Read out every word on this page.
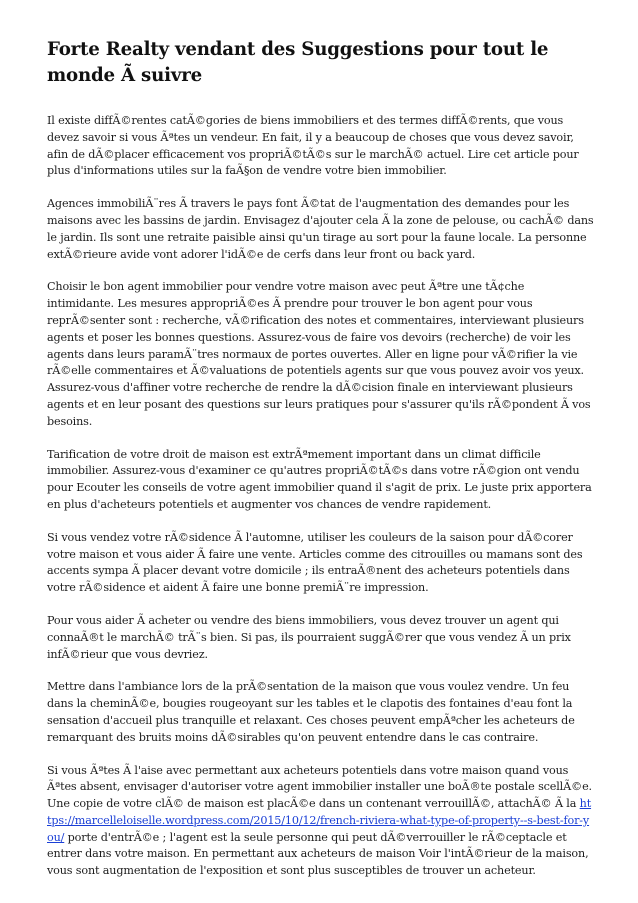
Forte Realty vendant des Suggestions pour tout le monde Ã suivre

Il existe diffÃ©rentes catÃ©gories de biens immobiliers et des termes diffÃ©rents, que vous devez savoir si vous Ãªtes un vendeur. En fait, il y a beaucoup de choses que vous devez savoir, afin de dÃ©placer efficacement vos propriÃ©tÃ©s sur le marchÃ© actuel. Lire cet article pour plus d'informations utiles sur la faÃ§on de vendre votre bien immobilier.

Agences immobiliÃ¨res Ã travers le pays font Ã©tat de l'augmentation des demandes pour les maisons avec les bassins de jardin. Envisagez d'ajouter cela Ã la zone de pelouse, ou cachÃ© dans le jardin. Ils sont une retraite paisible ainsi qu'un tirage au sort pour la faune locale. La personne extÃ©rieure avide vont adorer l'idÃ©e de cerfs dans leur front ou back yard.

Choisir le bon agent immobilier pour vendre votre maison avec peut Ãªtre une tÃ¢che intimidante. Les mesures appropriÃ©es Ã prendre pour trouver le bon agent pour vous reprÃ©senter sont : recherche, vÃ©rification des notes et commentaires, interviewant plusieurs agents et poser les bonnes questions. Assurez-vous de faire vos devoirs (recherche) de voir les agents dans leurs paramÃ¨tres normaux de portes ouvertes. Aller en ligne pour vÃ©rifier la vie rÃ©elle commentaires et Ã©valuations de potentiels agents sur que vous pouvez avoir vos yeux. Assurez-vous d'affiner votre recherche de rendre la dÃ©cision finale en interviewant plusieurs agents et en leur posant des questions sur leurs pratiques pour s'assurer qu'ils rÃ©pondent Ã vos besoins.

Tarification de votre droit de maison est extrÃªmement important dans un climat difficile immobilier. Assurez-vous d'examiner ce qu'autres propriÃ©tÃ©s dans votre rÃ©gion ont vendu pour Ecouter les conseils de votre agent immobilier quand il s'agit de prix. Le juste prix apportera en plus d'acheteurs potentiels et augmenter vos chances de vendre rapidement.

Si vous vendez votre rÃ©sidence Ã l'automne, utiliser les couleurs de la saison pour dÃ©corer votre maison et vous aider Ã faire une vente. Articles comme des citrouilles ou mamans sont des accents sympa Ã placer devant votre domicile ; ils entraÃ®nent des acheteurs potentiels dans votre rÃ©sidence et aident Ã faire une bonne premiÃ¨re impression.

Pour vous aider Ã acheter ou vendre des biens immobiliers, vous devez trouver un agent qui connaÃ®t le marchÃ© trÃ¨s bien. Si pas, ils pourraient suggÃ©rer que vous vendez Ã un prix infÃ©rieur que vous devriez.

Mettre dans l'ambiance lors de la prÃ©sentation de la maison que vous voulez vendre. Un feu dans la cheminÃ©e, bougies rougeoyant sur les tables et le clapotis des fontaines d'eau font la sensation d'accueil plus tranquille et relaxant. Ces choses peuvent empÃªcher les acheteurs de remarquant des bruits moins dÃ©sirables qu'on peuvent entendre dans le cas contraire.

Si vous Ãªtes Ã l'aise avec permettant aux acheteurs potentiels dans votre maison quand vous Ãªtes absent, envisager d'autoriser votre agent immobilier installer une boÃ®te postale scellÃ©e. Une copie de votre clÃ© de maison est placÃ©e dans un contenant verrouillÃ©, attachÃ© Ã la https://marcelleloiselle.wordpress.com/2015/10/12/french-riviera-what-type-of-property--s-best-for-you/ porte d'entrÃ©e ; l'agent est la seule personne qui peut dÃ©verrouiller le rÃ©ceptacle et entrer dans votre maison. En permettant aux acheteurs de maison Voir l'intÃ©rieur de la maison, vous sont augmentation de l'exposition et sont plus susceptibles de trouver un acheteur.
